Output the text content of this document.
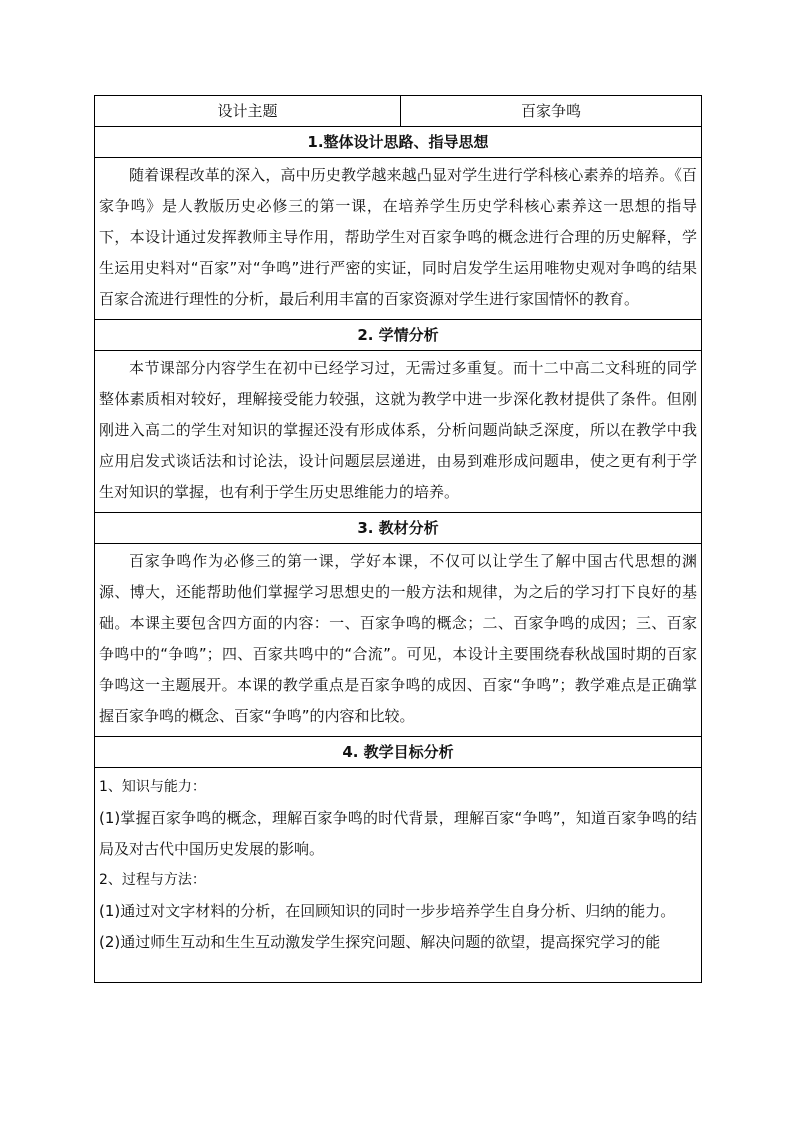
设计主题	百家争鸣
1.整体设计思路、指导思想

随着课程改革的深入，高中历史教学越来越凸显对学生进行学科核心素养的培养。《百家争鸣》是人教版历史必修三的第一课，在培养学生历史学科核心素养这一思想的指导下，本设计通过发挥教师主导作用，帮助学生对百家争鸣的概念进行合理的历史解释，学生运用史料对“百家”对“争鸣”进行严密的实证，同时启发学生运用唯物史观对争鸣的结果百家合流进行理性的分析，最后利用丰富的百家资源对学生进行家国情怀的教育。

2. 学情分析

本节课部分内容学生在初中已经学习过，无需过多重复。而十二中高二文科班的同学整体素质相对较好，理解接受能力较强，这就为教学中进一步深化教材提供了条件。但刚刚进入高二的学生对知识的掌握还没有形成体系，分析问题尚缺乏深度，所以在教学中我应用启发式谈话法和讨论法，设计问题层层递进，由易到难形成问题串，使之更有利于学生对知识的掌握，也有利于学生历史思维能力的培养。

3. 教材分析

百家争鸣作为必修三的第一课，学好本课，不仅可以让学生了解中国古代思想的渊源、博大，还能帮助他们掌握学习思想史的一般方法和规律，为之后的学习打下良好的基础。本课主要包含四方面的内容：一、百家争鸣的概念；二、百家争鸣的成因；三、百家争鸣中的“争鸣”；四、百家共鸣中的“合流”。可见，本设计主要围绕春秋战国时期的百家争鸣这一主题展开。本课的教学重点是百家争鸣的成因、百家“争鸣”；教学难点是正确掌握百家争鸣的概念、百家“争鸣”的内容和比较。

4. 教学目标分析

1、知识与能力：

(1)掌握百家争鸣的概念，理解百家争鸣的时代背景，理解百家“争鸣”，知道百家争鸣的结局及对古代中国历史发展的影响。

2、过程与方法：

(1)通过对文字材料的分析，在回顾知识的同时一步步培养学生自身分析、归纳的能力。

(2)通过师生互动和生生互动激发学生探究问题、解决问题的欲望，提高探究学习的能
